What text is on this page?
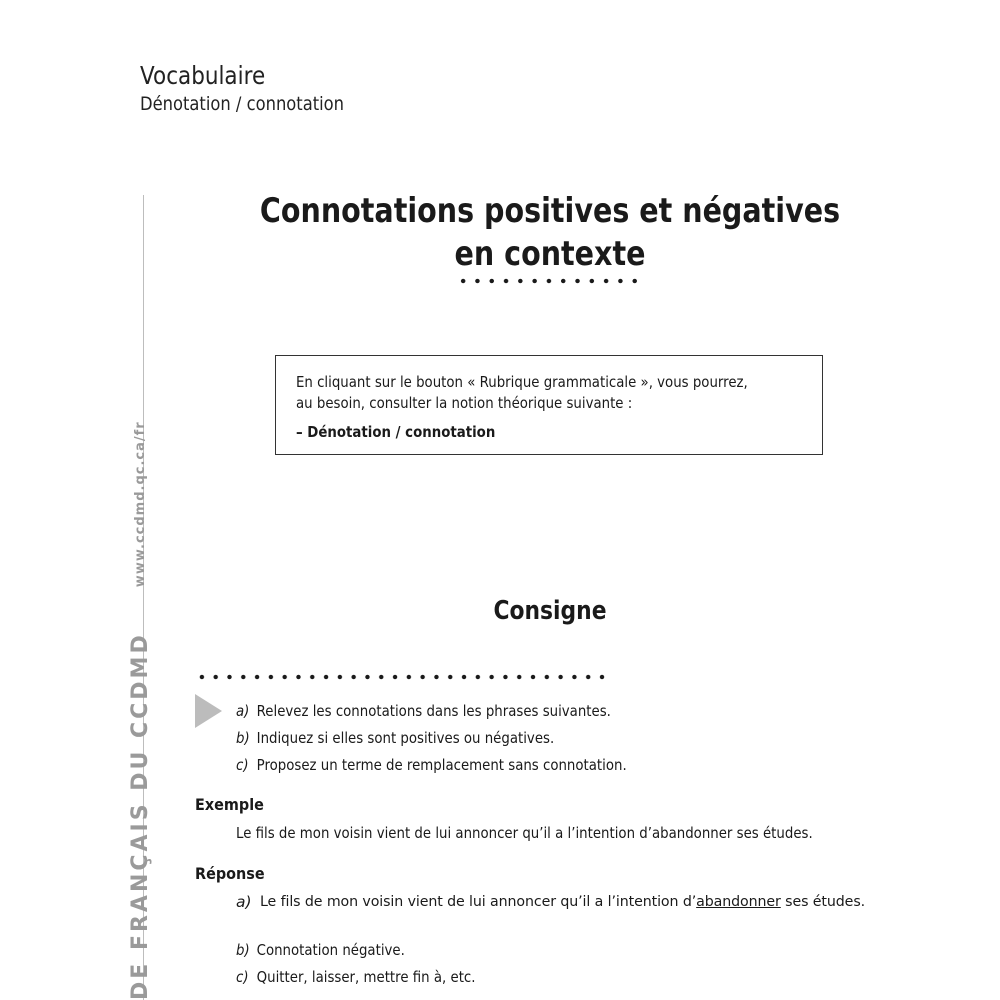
Vocabulaire
Dénotation / connotation
DE FRANÇAIS DU CCDMD www.ccdmd.qc.ca/fr
Connotations positives et négatives
en contexte
En cliquant sur le bouton « Rubrique grammaticale », vous pourrez,
au besoin, consulter la notion théorique suivante :
– Dénotation / connotation
Consigne
a) Relevez les connotations dans les phrases suivantes.
b) Indiquez si elles sont positives ou négatives.
c) Proposez un terme de remplacement sans connotation.
Exemple
Le fils de mon voisin vient de lui annoncer qu’il a l’intention d’abandonner ses études.
Réponse
a) Le fils de mon voisin vient de lui annoncer qu’il a l’intention d’abandonner ses études.
b) Connotation négative.
c) Quitter, laisser, mettre fin à, etc.
